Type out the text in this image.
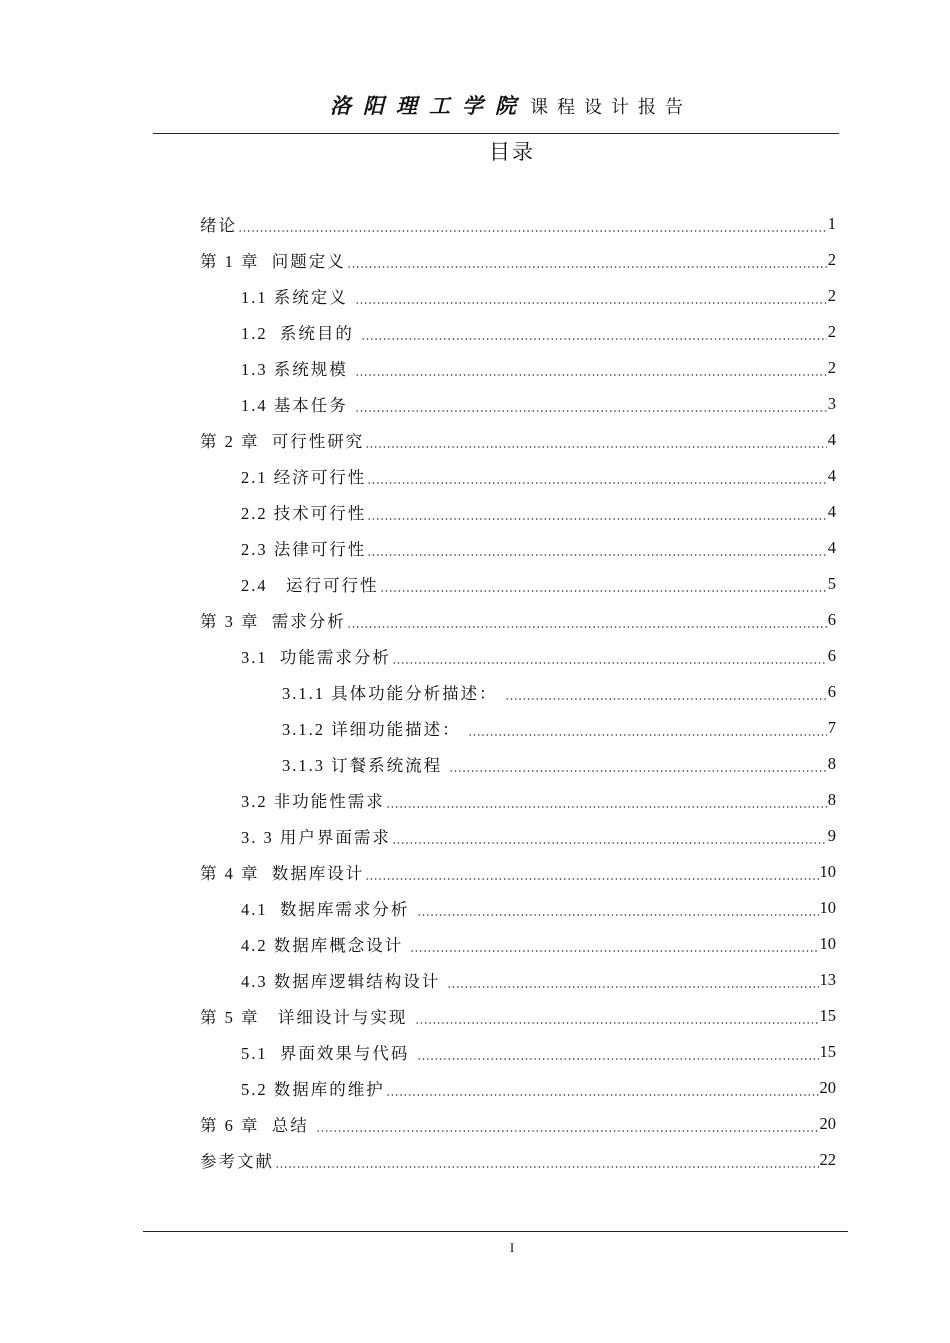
洛阳理工学院 课程设计报告
目录
绪论	1
第 1 章  问题定义	2
1.1 系统定义	2
1.2  系统目的	2
1.3 系统规模	2
1.4 基本任务	3
第 2 章  可行性研究	4
2.1 经济可行性	4
2.2 技术可行性	4
2.3 法律可行性	4
2.4   运行可行性	5
第 3 章  需求分析	6
3.1  功能需求分析	6
3.1.1 具体功能分析描述：	6
3.1.2 详细功能描述：	7
3.1.3 订餐系统流程	8
3.2 非功能性需求	8
3. 3 用户界面需求	9
第 4 章  数据库设计	10
4.1  数据库需求分析	10
4.2 数据库概念设计	10
4.3 数据库逻辑结构设计	13
第 5 章   详细设计与实现	15
5.1  界面效果与代码	15
5.2 数据库的维护	20
第 6 章  总结	20
参考文献	22
I
